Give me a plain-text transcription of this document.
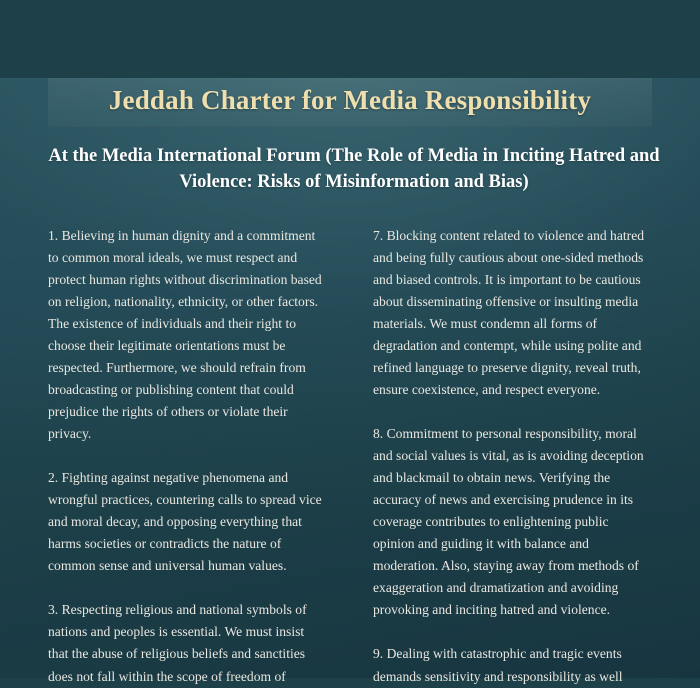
Jeddah Charter for Media Responsibility
At the Media International Forum (The Role of Media in Inciting Hatred and Violence: Risks of Misinformation and Bias)

1. Believing in human dignity and a commitment to common moral ideals, we must respect and protect human rights without discrimination based on religion, nationality, ethnicity, or other factors. The existence of individuals and their right to choose their legitimate orientations must be respected. Furthermore, we should refrain from broadcasting or publishing content that could prejudice the rights of others or violate their privacy.

2. Fighting against negative phenomena and wrongful practices, countering calls to spread vice and moral decay, and opposing everything that harms societies or contradicts the nature of common sense and universal human values.

3. Respecting religious and national symbols of nations and peoples is essential. We must insist that the abuse of religious beliefs and sanctities does not fall within the scope of freedom of

7. Blocking content related to violence and hatred and being fully cautious about one-sided methods and biased controls. It is important to be cautious about disseminating offensive or insulting media materials. We must condemn all forms of degradation and contempt, while using polite and refined language to preserve dignity, reveal truth, ensure coexistence, and respect everyone.

8. Commitment to personal responsibility, moral and social values is vital, as is avoiding deception and blackmail to obtain news. Verifying the accuracy of news and exercising prudence in its coverage contributes to enlightening public opinion and guiding it with balance and moderation. Also, staying away from methods of exaggeration and dramatization and avoiding provoking and inciting hatred and violence.

9. Dealing with catastrophic and tragic events demands sensitivity and responsibility as well
